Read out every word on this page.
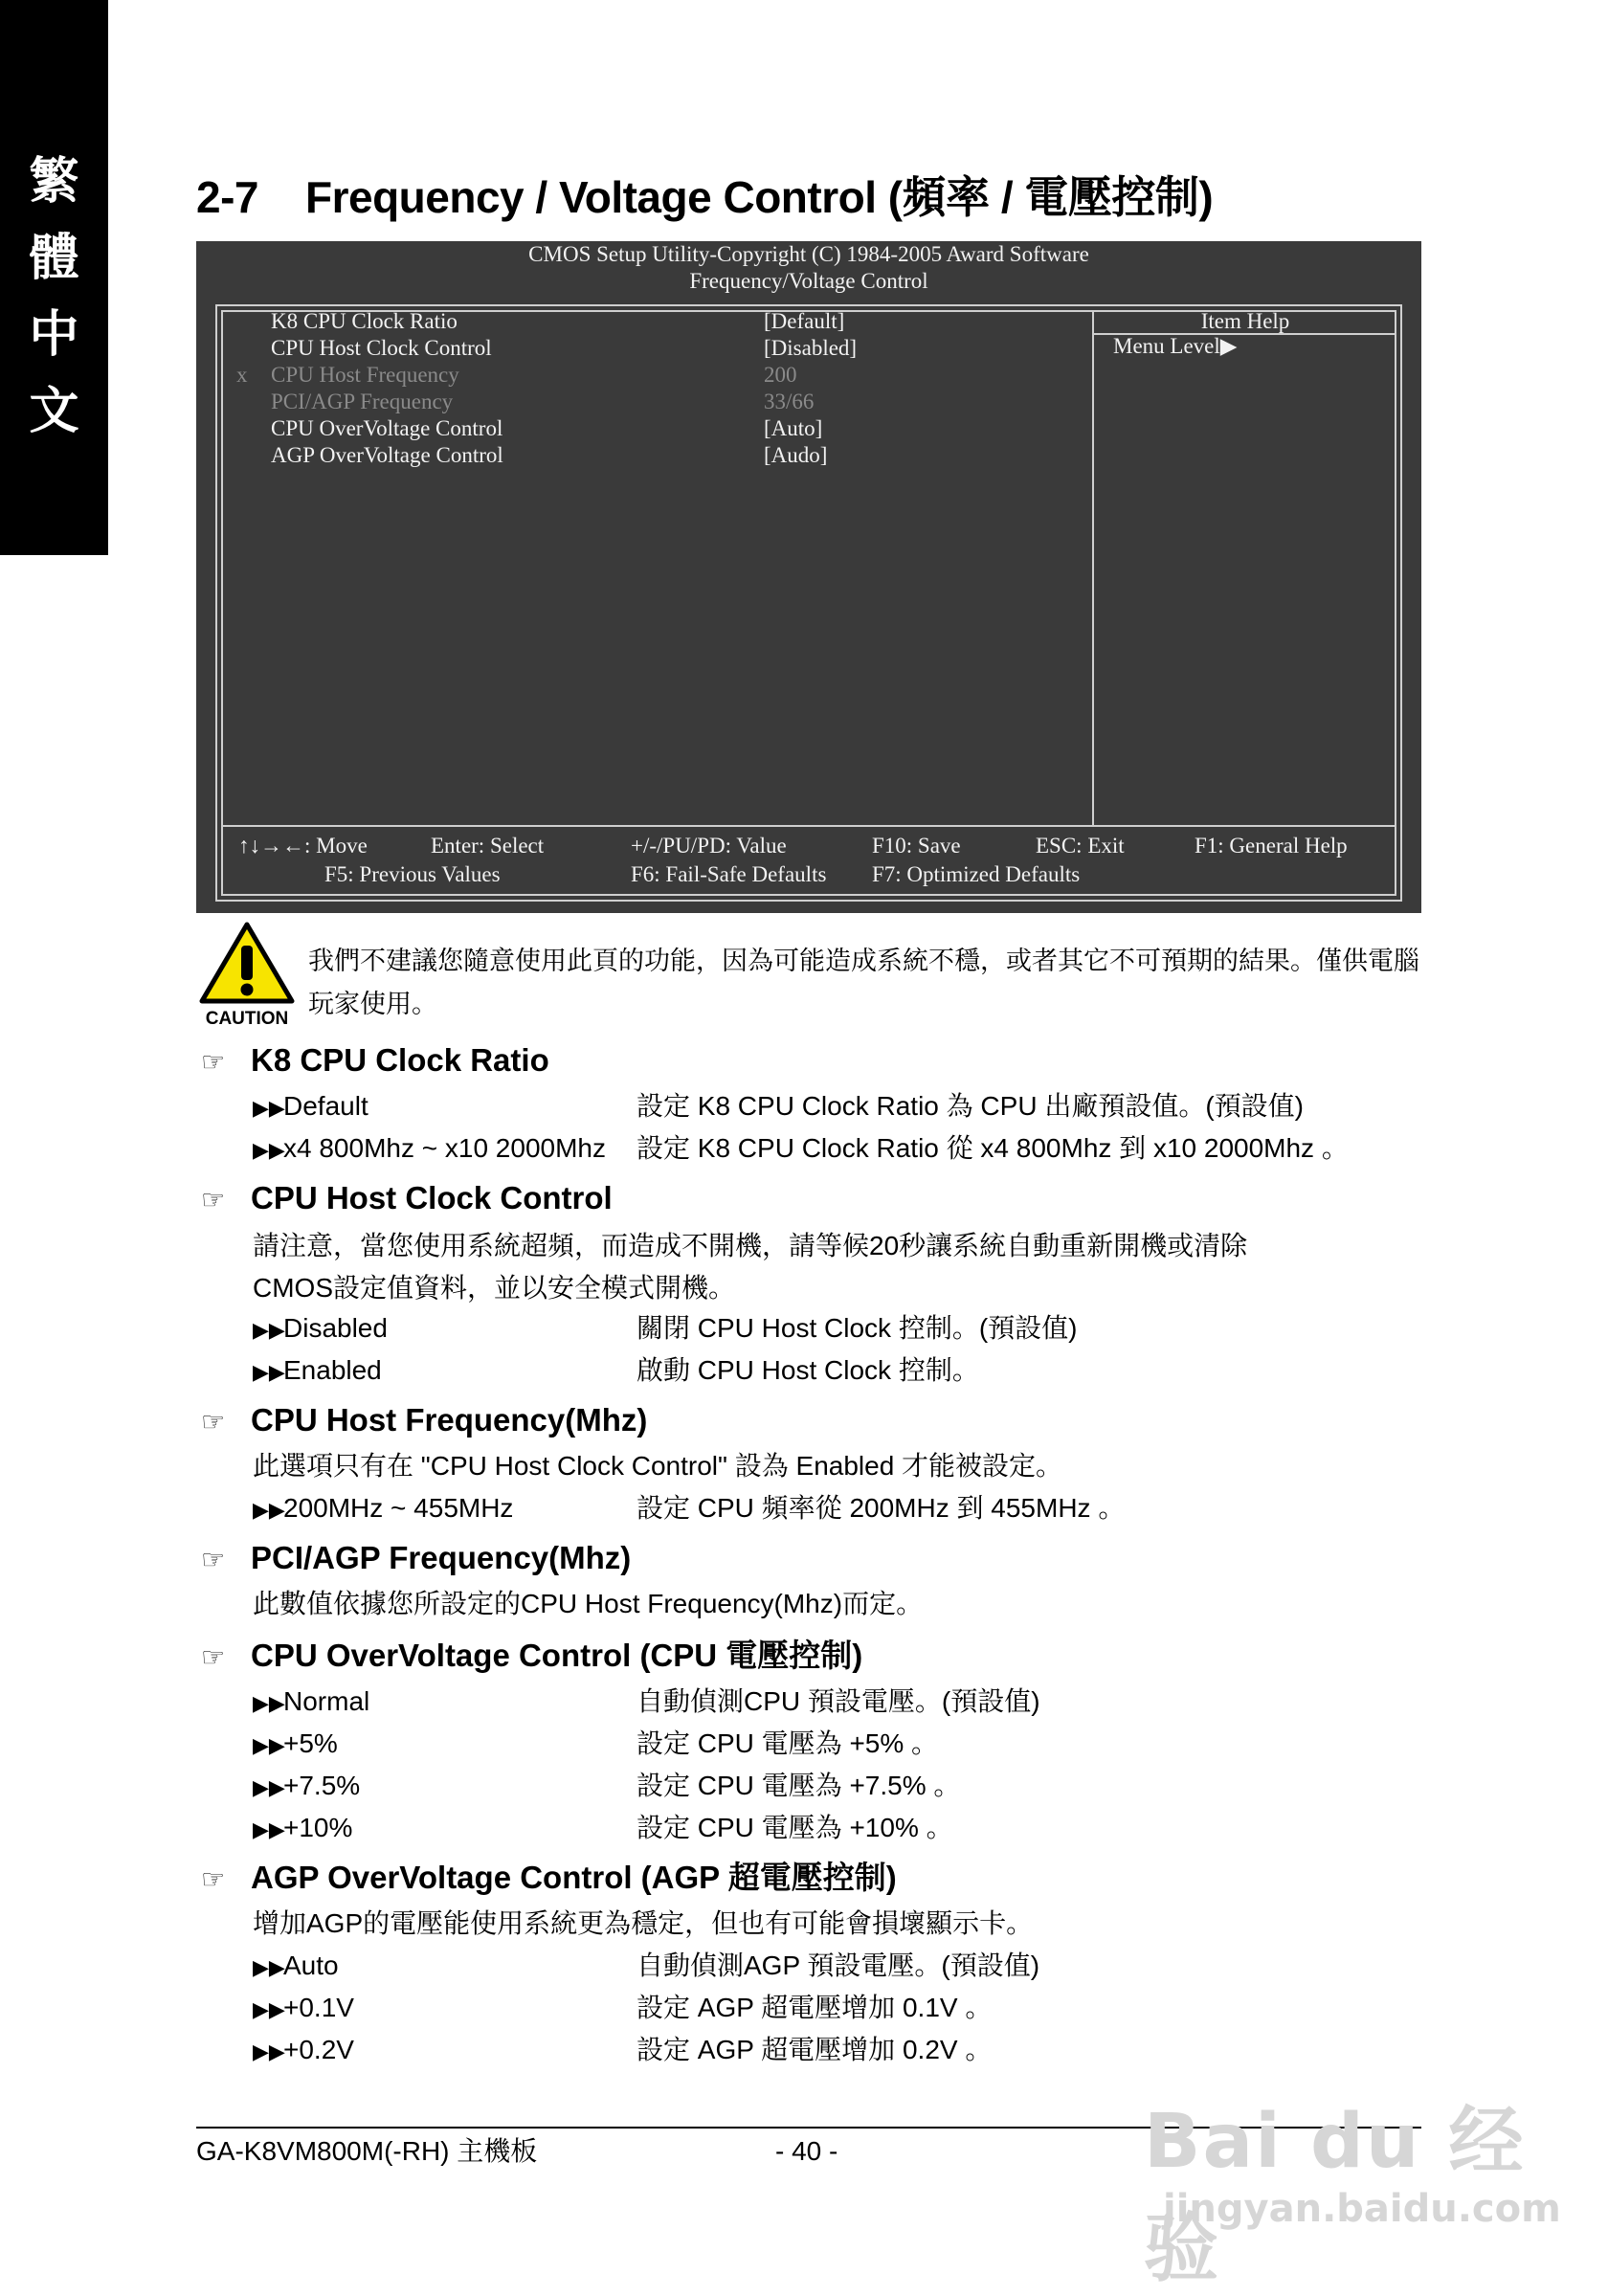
繁
體
中
文
2-7 Frequency / Voltage Control (頻率 / 電壓控制)
CMOS Setup Utility-Copyright (C) 1984-2005 Award Software
Frequency/Voltage Control
K8 CPU Clock Ratio	[Default]
CPU Host Clock Control	[Disabled]
x CPU Host Frequency	200
PCI/AGP Frequency	33/66
CPU OverVoltage Control	[Auto]
AGP OverVoltage Control	[Audo]
Item Help
Menu Level▶
↑↓→←: Move	Enter: Select	+/-/PU/PD: Value	F10: Save	ESC: Exit	F1: General Help
F5: Previous Values	F6: Fail-Safe Defaults F7: Optimized Defaults
CAUTION
我們不建議您隨意使用此頁的功能，因為可能造成系統不穩，或者其它不可預期的結果。僅供電腦玩家使用。
☞ K8 CPU Clock Ratio
▶▶Default	設定 K8 CPU Clock Ratio 為 CPU 出廠預設值。(預設值)
▶▶x4 800Mhz ~ x10 2000Mhz 設定 K8 CPU Clock Ratio 從 x4 800Mhz 到 x10 2000Mhz 。
☞ CPU Host Clock Control
請注意，當您使用系統超頻，而造成不開機，請等候20秒讓系統自動重新開機或清除
CMOS設定值資料，並以安全模式開機。
▶▶Disabled	關閉 CPU Host Clock 控制。(預設值)
▶▶Enabled	啟動 CPU Host Clock 控制。
☞ CPU Host Frequency(Mhz)
此選項只有在 "CPU Host Clock Control" 設為 Enabled 才能被設定。
▶▶200MHz ~ 455MHz	設定 CPU 頻率從 200MHz 到 455MHz 。
☞ PCI/AGP Frequency(Mhz)
此數值依據您所設定的CPU Host Frequency(Mhz)而定。
☞ CPU OverVoltage Control (CPU 電壓控制)
▶▶Normal	自動偵測CPU 預設電壓。(預設值)
▶▶+5%	設定 CPU 電壓為 +5% 。
▶▶+7.5%	設定 CPU 電壓為 +7.5% 。
▶▶+10%	設定 CPU 電壓為 +10% 。
☞ AGP OverVoltage Control (AGP 超電壓控制)
增加AGP的電壓能使用系統更為穩定，但也有可能會損壞顯示卡。
▶▶Auto	自動偵測AGP 預設電壓。(預設值)
▶▶+0.1V	設定 AGP 超電壓增加 0.1V 。
▶▶+0.2V	設定 AGP 超電壓增加 0.2V 。
GA-K8VM800M(-RH) 主機板	- 40 -	Bai du 经验
jingyan.baidu.com
